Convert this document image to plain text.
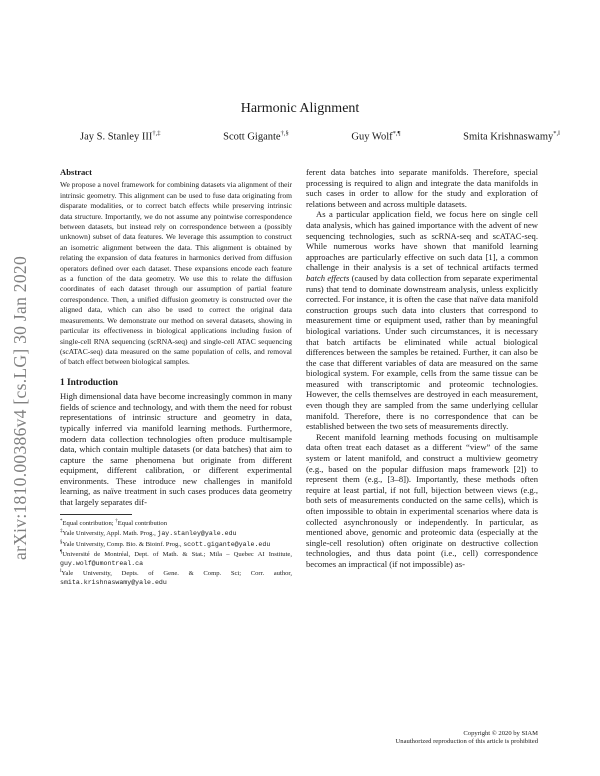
arXiv:1810.00386v4 [cs.LG] 30 Jan 2020
Harmonic Alignment
Jay S. Stanley III†,‡	Scott Gigante†,§	Guy Wolf*,¶	Smita Krishnaswamy*,‖
Abstract

We propose a novel framework for combining datasets via alignment of their intrinsic geometry. This alignment can be used to fuse data originating from disparate modalities, or to correct batch effects while preserving intrinsic data structure. Importantly, we do not assume any pointwise correspondence between datasets, but instead rely on correspondence between a (possibly unknown) subset of data features. We leverage this assumption to construct an isometric alignment between the data. This alignment is obtained by relating the expansion of data features in harmonics derived from diffusion operators defined over each dataset. These expansions encode each feature as a function of the data geometry. We use this to relate the diffusion coordinates of each dataset through our assumption of partial feature correspondence. Then, a unified diffusion geometry is constructed over the aligned data, which can also be used to correct the original data measurements. We demonstrate our method on several datasets, showing in particular its effectiveness in biological applications including fusion of single-cell RNA sequencing (scRNA-seq) and single-cell ATAC sequencing (scATAC-seq) data measured on the same population of cells, and removal of batch effect between biological samples.

1 Introduction

High dimensional data have become increasingly common in many fields of science and technology, and with them the need for robust representations of intrinsic structure and geometry in data, typically inferred via manifold learning methods. Furthermore, modern data collection technologies often produce multisample data, which contain multiple datasets (or data batches) that aim to capture the same phenomena but originate from different equipment, different calibration, or different experimental environments. These introduce new challenges in manifold learning, as naïve treatment in such cases produces data geometry that largely separates dif-

*Equal contribution; †Equal contribution
‡Yale University, Appl. Math. Prog., jay.stanley@yale.edu
§Yale University, Comp. Bio. & Bioinf. Prog., scott.gigante@yale.edu
¶Université de Montréal, Dept. of Math. & Stat.; Mila – Quebec AI Institute, guy.wolf@umontreal.ca
‖Yale University, Depts. of Gene. & Comp. Sci; Corr. author, smita.krishnaswamy@yale.edu

ferent data batches into separate manifolds. Therefore, special processing is required to align and integrate the data manifolds in such cases in order to allow for the study and exploration of relations between and across multiple datasets.

As a particular application field, we focus here on single cell data analysis, which has gained importance with the advent of new sequencing technologies, such as scRNA-seq and scATAC-seq. While numerous works have shown that manifold learning approaches are particularly effective on such data [1], a common challenge in their analysis is a set of technical artifacts termed batch effects (caused by data collection from separate experimental runs) that tend to dominate downstream analysis, unless explicitly corrected. For instance, it is often the case that naïve data manifold construction groups such data into clusters that correspond to measurement time or equipment used, rather than by meaningful biological variations. Under such circumstances, it is necessary that batch artifacts be eliminated while actual biological differences between the samples be retained. Further, it can also be the case that different variables of data are measured on the same biological system. For example, cells from the same tissue can be measured with transcriptomic and proteomic technologies. However, the cells themselves are destroyed in each measurement, even though they are sampled from the same underlying cellular manifold. Therefore, there is no correspondence that can be established between the two sets of measurements directly.

Recent manifold learning methods focusing on multisample data often treat each dataset as a different “view” of the same system or latent manifold, and construct a multiview geometry (e.g., based on the popular diffusion maps framework [2]) to represent them (e.g., [3–8]). Importantly, these methods often require at least partial, if not full, bijection between views (e.g., both sets of measurements conducted on the same cells), which is often impossible to obtain in experimental scenarios where data is collected asynchronously or independently. In particular, as mentioned above, genomic and proteomic data (especially at the single-cell resolution) often originate on destructive collection technologies, and thus data point (i.e., cell) correspondence becomes an impractical (if not impossible) as-

Copyright © 2020 by SIAM
Unauthorized reproduction of this article is prohibited
